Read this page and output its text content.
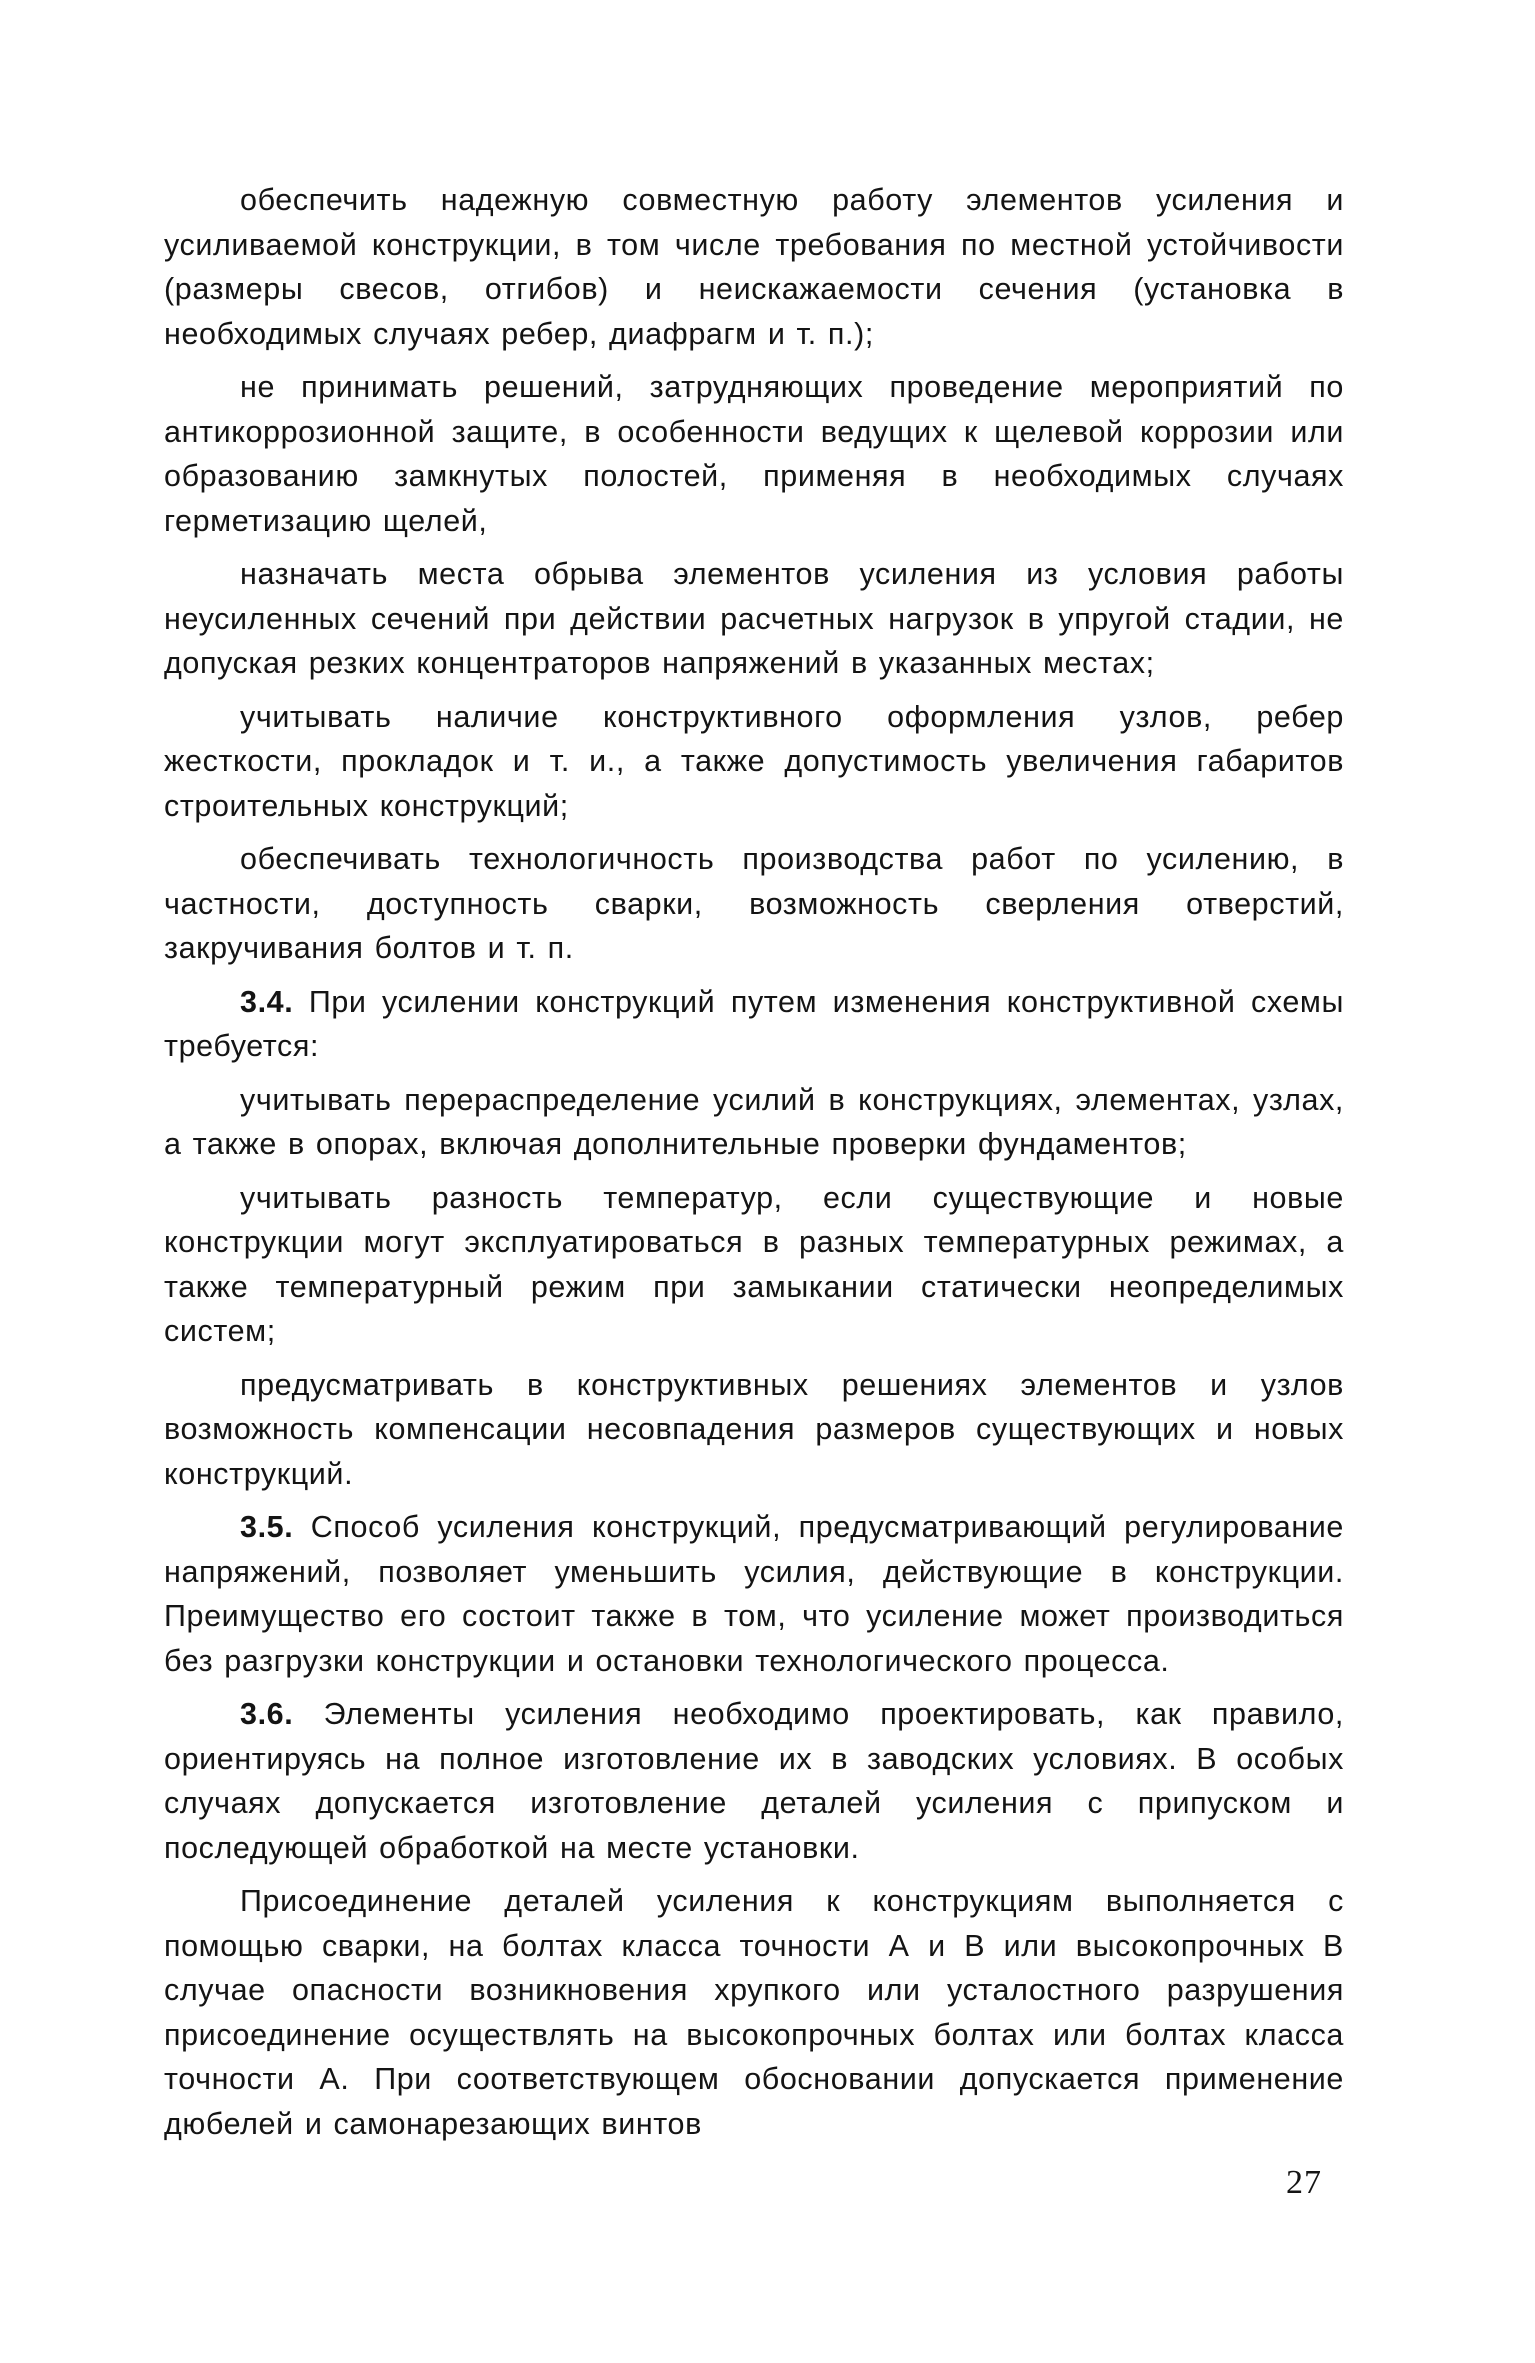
обеспечить надежную совместную работу элементов усиления и усиливаемой конструкции, в том числе требования по местной устойчивости (размеры свесов, отгибов) и неискажаемости сечения (установка в необходимых случаях ребер, диафрагм и т. п.);

не принимать решений, затрудняющих проведение мероприятий по антикоррозионной защите, в особенности ведущих к щелевой коррозии или образованию замкнутых полостей, применяя в необходимых случаях герметизацию щелей,

назначать места обрыва элементов усиления из условия работы неусиленных сечений при действии расчетных нагрузок в упругой стадии, не допуская резких концентраторов напряжений в указанных местах;

учитывать наличие конструктивного оформления узлов, ребер жесткости, прокладок и т. и., а также допустимость увеличения габаритов строительных конструкций;

обеспечивать технологичность производства работ по усилению, в частности, доступность сварки, возможность сверления отверстий, закручивания болтов и т. п.

3.4. При усилении конструкций путем изменения конструктивной схемы требуется:

учитывать перераспределение усилий в конструкциях, элементах, узлах, а также в опорах, включая дополнительные проверки фундаментов;

учитывать разность температур, если существующие и новые конструкции могут эксплуатироваться в разных температурных режимах, а также температурный режим при замыкании статически неопределимых систем;

предусматривать в конструктивных решениях элементов и узлов возможность компенсации несовпадения размеров существующих и новых конструкций.

3.5. Способ усиления конструкций, предусматривающий регулирование напряжений, позволяет уменьшить усилия, действующие в конструкции. Преимущество его состоит также в том, что усиление может производиться без разгрузки конструкции и остановки технологического процесса.

3.6. Элементы усиления необходимо проектировать, как правило, ориентируясь на полное изготовление их в заводских условиях. В особых случаях допускается изготовление деталей усиления с припуском и последующей обработкой на месте установки.

Присоединение деталей усиления к конструкциям выполняется с помощью сварки, на болтах класса точности А и В или высокопрочных В случае опасности возникновения хрупкого или усталостного разрушения присоединение осуществлять на высокопрочных болтах или болтах класса точности А. При соответствующем обосновании допускается применение дюбелей и самонарезающих винтов

27
